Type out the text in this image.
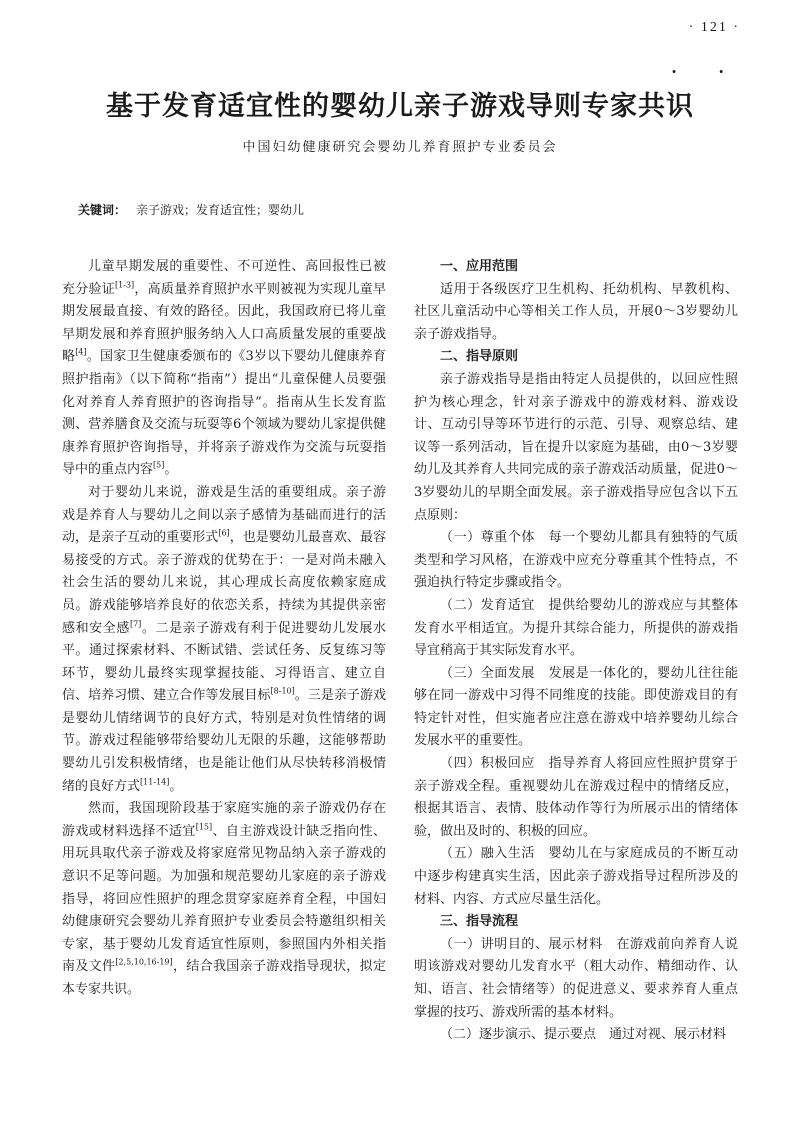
· 121 ·
· ·
基于发育适宜性的婴幼儿亲子游戏导则专家共识
中国妇幼健康研究会婴幼儿养育照护专业委员会
关键词： 亲子游戏；发育适宜性；婴幼儿

儿童早期发展的重要性、不可逆性、高回报性已被充分验证[1-3]，高质量养育照护水平则被视为实现儿童早期发展最直接、有效的路径。因此，我国政府已将儿童早期发展和养育照护服务纳入人口高质量发展的重要战略[4]。国家卫生健康委颁布的《3岁以下婴幼儿健康养育照护指南》（以下简称“指南”）提出“儿童保健人员要强化对养育人养育照护的咨询指导”。指南从生长发育监测、营养膳食及交流与玩耍等6个领域为婴幼儿家提供健康养育照护咨询指导，并将亲子游戏作为交流与玩耍指导中的重点内容[5]。

对于婴幼儿来说，游戏是生活的重要组成。亲子游戏是养育人与婴幼儿之间以亲子感情为基础而进行的活动，是亲子互动的重要形式[6]，也是婴幼儿最喜欢、最容易接受的方式。亲子游戏的优势在于：一是对尚未融入社会生活的婴幼儿来说，其心理成长高度依赖家庭成员。游戏能够培养良好的依恋关系，持续为其提供亲密感和安全感[7]。二是亲子游戏有利于促进婴幼儿发展水平。通过探索材料、不断试错、尝试任务、反复练习等环节，婴幼儿最终实现掌握技能、习得语言、建立自信、培养习惯、建立合作等发展目标[8-10]。三是亲子游戏是婴幼儿情绪调节的良好方式，特别是对负性情绪的调节。游戏过程能够带给婴幼儿无限的乐趣，这能够帮助婴幼儿引发积极情绪，也是能让他们从尽快转移消极情绪的良好方式[11-14]。

然而，我国现阶段基于家庭实施的亲子游戏仍存在游戏或材料选择不适宜[15]、自主游戏设计缺乏指向性、用玩具取代亲子游戏及将家庭常见物品纳入亲子游戏的意识不足等问题。为加强和规范婴幼儿家庭的亲子游戏指导，将回应性照护的理念贯穿家庭养育全程，中国妇幼健康研究会婴幼儿养育照护专业委员会特邀组织相关专家，基于婴幼儿发育适宜性原则，参照国内外相关指南及文件[2,5,10,16-19]，结合我国亲子游戏指导现状，拟定本专家共识。

一、应用范围

适用于各级医疗卫生机构、托幼机构、早教机构、社区儿童活动中心等相关工作人员，开展0～3岁婴幼儿亲子游戏指导。

二、指导原则

亲子游戏指导是指由特定人员提供的，以回应性照护为核心理念，针对亲子游戏中的游戏材料、游戏设计、互动引导等环节进行的示范、引导、观察总结、建议等一系列活动，旨在提升以家庭为基础，由0～3岁婴幼儿及其养育人共同完成的亲子游戏活动质量，促进0～3岁婴幼儿的早期全面发展。亲子游戏指导应包含以下五点原则：

（一）尊重个体　 每一个婴幼儿都具有独特的气质类型和学习风格，在游戏中应充分尊重其个性特点，不强迫执行特定步骤或指令。

（二）发育适宜　 提供给婴幼儿的游戏应与其整体发育水平相适宜。为提升其综合能力，所提供的游戏指导宜稍高于其实际发育水平。

（三）全面发展　 发展是一体化的，婴幼儿往往能够在同一游戏中习得不同维度的技能。即使游戏目的有特定针对性，但实施者应注意在游戏中培养婴幼儿综合发展水平的重要性。

（四）积极回应　 指导养育人将回应性照护贯穿于亲子游戏全程。重视婴幼儿在游戏过程中的情绪反应，根据其语言、表情、肢体动作等行为所展示出的情绪体验，做出及时的、积极的回应。

（五）融入生活　 婴幼儿在与家庭成员的不断互动中逐步构建真实生活，因此亲子游戏指导过程所涉及的材料、内容、方式应尽量生活化。

三、指导流程

（一）讲明目的、展示材料　 在游戏前向养育人说明该游戏对婴幼儿发育水平（粗大动作、精细动作、认知、语言、社会情绪等）的促进意义、要求养育人重点掌握的技巧、游戏所需的基本材料。

（二）逐步演示、提示要点　 通过对视、展示材料
